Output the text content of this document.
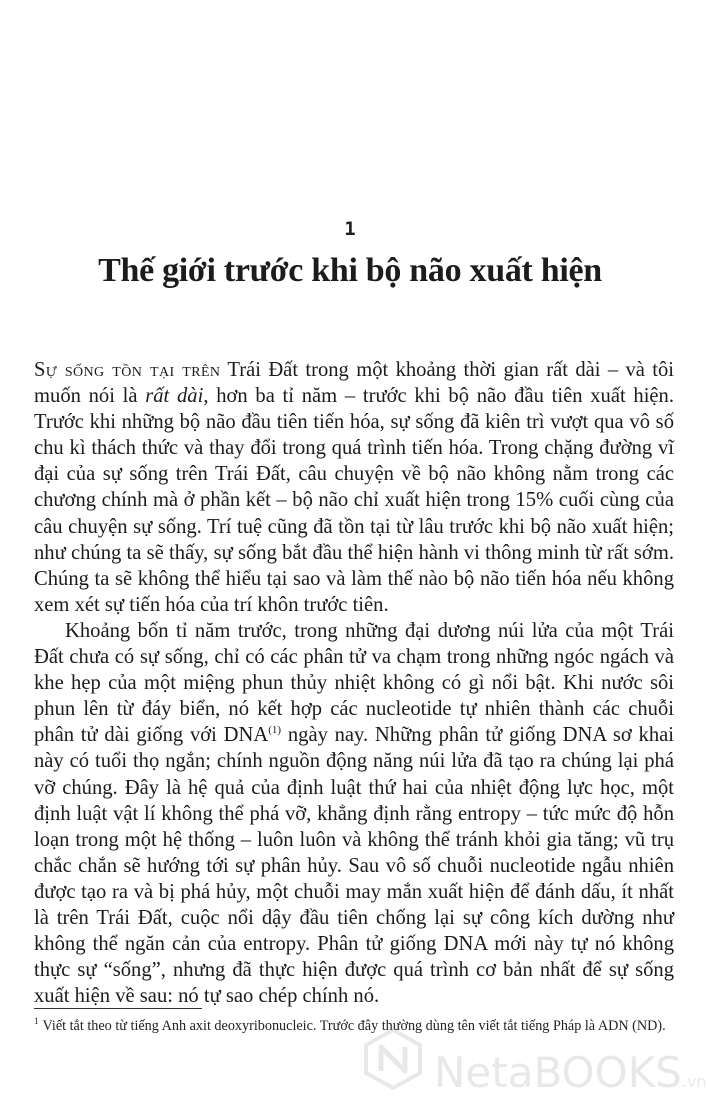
1
Thế giới trước khi bộ não xuất hiện

Sự sống tồn tại trên Trái Đất trong một khoảng thời gian rất dài – và tôi muốn nói là rất dài, hơn ba tỉ năm – trước khi bộ não đầu tiên xuất hiện. Trước khi những bộ não đầu tiên tiến hóa, sự sống đã kiên trì vượt qua vô số chu kì thách thức và thay đổi trong quá trình tiến hóa. Trong chặng đường vĩ đại của sự sống trên Trái Đất, câu chuyện về bộ não không nằm trong các chương chính mà ở phần kết – bộ não chỉ xuất hiện trong 15% cuối cùng của câu chuyện sự sống. Trí tuệ cũng đã tồn tại từ lâu trước khi bộ não xuất hiện; như chúng ta sẽ thấy, sự sống bắt đầu thể hiện hành vi thông minh từ rất sớm. Chúng ta sẽ không thể hiểu tại sao và làm thế nào bộ não tiến hóa nếu không xem xét sự tiến hóa của trí khôn trước tiên.

Khoảng bốn tỉ năm trước, trong những đại dương núi lửa của một Trái Đất chưa có sự sống, chỉ có các phân tử va chạm trong những ngóc ngách và khe hẹp của một miệng phun thủy nhiệt không có gì nổi bật. Khi nước sôi phun lên từ đáy biển, nó kết hợp các nucleotide tự nhiên thành các chuỗi phân tử dài giống với DNA$^{(1)}$ ngày nay. Những phân tử giống DNA sơ khai này có tuổi thọ ngắn; chính nguồn động năng núi lửa đã tạo ra chúng lại phá vỡ chúng. Đây là hệ quả của định luật thứ hai của nhiệt động lực học, một định luật vật lí không thể phá vỡ, khẳng định rằng entropy – tức mức độ hỗn loạn trong một hệ thống – luôn luôn và không thể tránh khỏi gia tăng; vũ trụ chắc chắn sẽ hướng tới sự phân hủy. Sau vô số chuỗi nucleotide ngẫu nhiên được tạo ra và bị phá hủy, một chuỗi may mắn xuất hiện để đánh dấu, ít nhất là trên Trái Đất, cuộc nổi dậy đầu tiên chống lại sự công kích dường như không thể ngăn cản của entropy. Phân tử giống DNA mới này tự nó không thực sự “sống”, nhưng đã thực hiện được quá trình cơ bản nhất để sự sống xuất hiện về sau: nó tự sao chép chính nó.

$^1$ Viết tắt theo từ tiếng Anh axit deoxyribonucleic. Trước đây thường dùng tên viết tắt tiếng Pháp là ADN (ND).
NetaBOOKS.vn
